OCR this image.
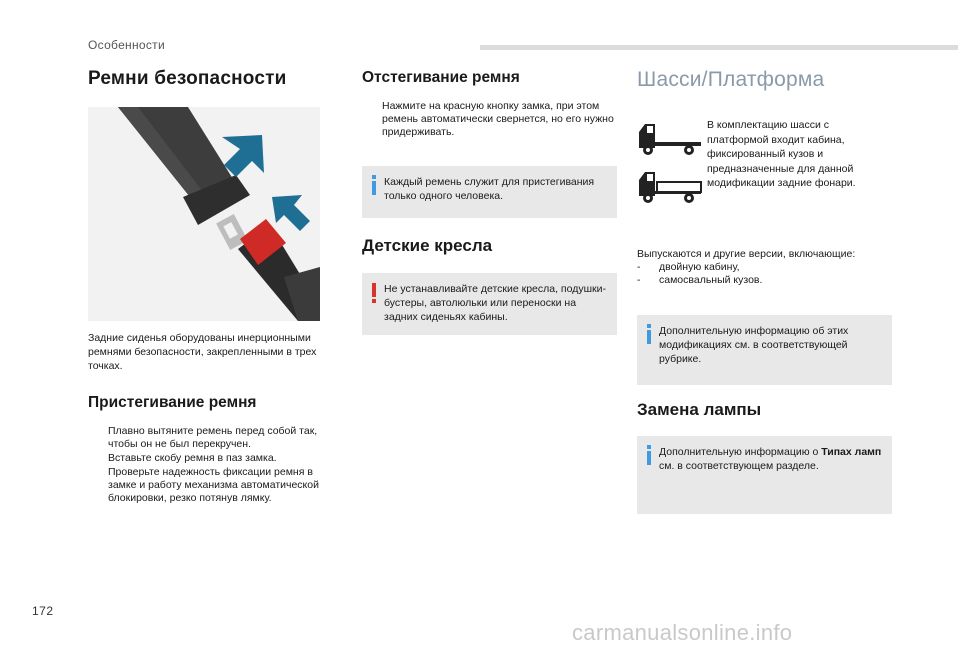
Особенности
Ремни безопасности

Задние сиденья оборудованы инерционными ремнями безопасности, закрепленными в трех точках.

Пристегивание ремня
Плавно вытяните ремень перед собой так, чтобы он не был перекручен.
Вставьте скобу ремня в паз замка.
Проверьте надежность фиксации ремня в замке и работу механизма автоматической блокировки, резко потянув лямку.
Отстегивание ремня
Нажмите на красную кнопку замка, при этом ремень автоматически свернется, но его нужно придерживать.
Каждый ремень служит для пристегивания только одного человека.
Детские кресла
Не устанавливайте детские кресла, подушки-бустеры, автолюльки или переноски на задних сиденьях кабины.
Шасси/Платформа

В комплектацию шасси с платформой входит кабина, фиксированный кузов и предназначенные для данной модификации задние фонари.

Выпускаются и другие версии, включающие:

- двойную кабину,
- самосвальный кузов.
Дополнительную информацию об этих модификациях см. в соответствующей рубрике.
Замена лампы
Дополнительную информацию о Типах ламп см. в соответствующем разделе.
172
carmanualsonline.info
